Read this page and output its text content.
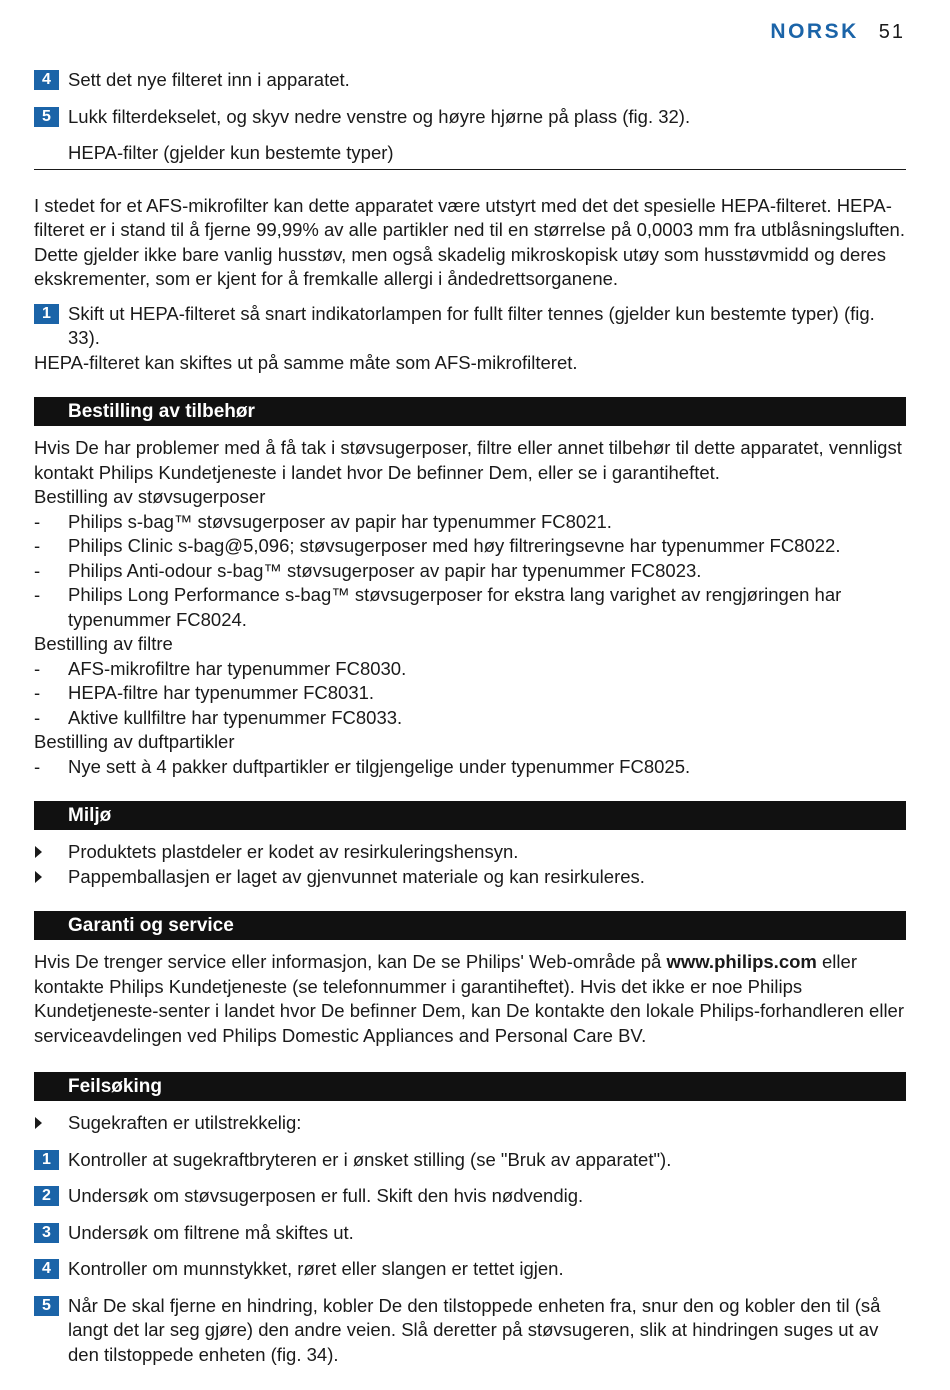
NORSK 51
4 Sett det nye filteret inn i apparatet.
5 Lukk filterdekselet, og skyv nedre venstre og høyre hjørne på plass (fig. 32).
HEPA-filter (gjelder kun bestemte typer)

I stedet for et AFS-mikrofilter kan dette apparatet være utstyrt med det det spesielle HEPA-filteret. HEPA-filteret er i stand til å fjerne 99,99% av alle partikler ned til en størrelse på 0,0003 mm fra utblåsningsluften. Dette gjelder ikke bare vanlig husstøv, men også skadelig mikroskopisk utøy som husstøvmidd og deres ekskrementer, som er kjent for å fremkalle allergi i åndedrettsorganene.

1 Skift ut HEPA-filteret så snart indikatorlampen for fullt filter tennes (gjelder kun bestemte typer) (fig. 33).
HEPA-filteret kan skiftes ut på samme måte som AFS-mikrofilteret.
Bestilling av tilbehør
Hvis De har problemer med å få tak i støvsugerposer, filtre eller annet tilbehør til dette apparatet, vennligst kontakt Philips Kundetjeneste i landet hvor De befinner Dem, eller se i garantiheftet.
Bestilling av støvsugerposer
- Philips s-bag™ støvsugerposer av papir har typenummer FC8021.
- Philips Clinic s-bag@5,096; støvsugerposer med høy filtreringsevne har typenummer FC8022.
- Philips Anti-odour s-bag™ støvsugerposer av papir har typenummer FC8023.
- Philips Long Performance s-bag™ støvsugerposer for ekstra lang varighet av rengjøringen har typenummer FC8024.
Bestilling av filtre
- AFS-mikrofiltre har typenummer FC8030.
- HEPA-filtre har typenummer FC8031.
- Aktive kullfiltre har typenummer FC8033.
Bestilling av duftpartikler
- Nye sett à 4 pakker duftpartikler er tilgjengelige under typenummer FC8025.
Miljø
Produktets plastdeler er kodet av resirkuleringshensyn.
Pappemballasjen er laget av gjenvunnet materiale og kan resirkuleres.
Garanti og service
Hvis De trenger service eller informasjon, kan De se Philips' Web-område på www.philips.com eller kontakte Philips Kundetjeneste (se telefonnummer i garantiheftet). Hvis det ikke er noe Philips Kundetjeneste-senter i landet hvor De befinner Dem, kan De kontakte den lokale Philips-forhandleren eller serviceavdelingen ved Philips Domestic Appliances and Personal Care BV.
Feilsøking
Sugekraften er utilstrekkelig:
1 Kontroller at sugekraftbryteren er i ønsket stilling (se "Bruk av apparatet").
2 Undersøk om støvsugerposen er full. Skift den hvis nødvendig.
3 Undersøk om filtrene må skiftes ut.
4 Kontroller om munnstykket, røret eller slangen er tettet igjen.
5 Når De skal fjerne en hindring, kobler De den tilstoppede enheten fra, snur den og kobler den til (så langt det lar seg gjøre) den andre veien. Slå deretter på støvsugeren, slik at hindringen suges ut av den tilstoppede enheten (fig. 34).
